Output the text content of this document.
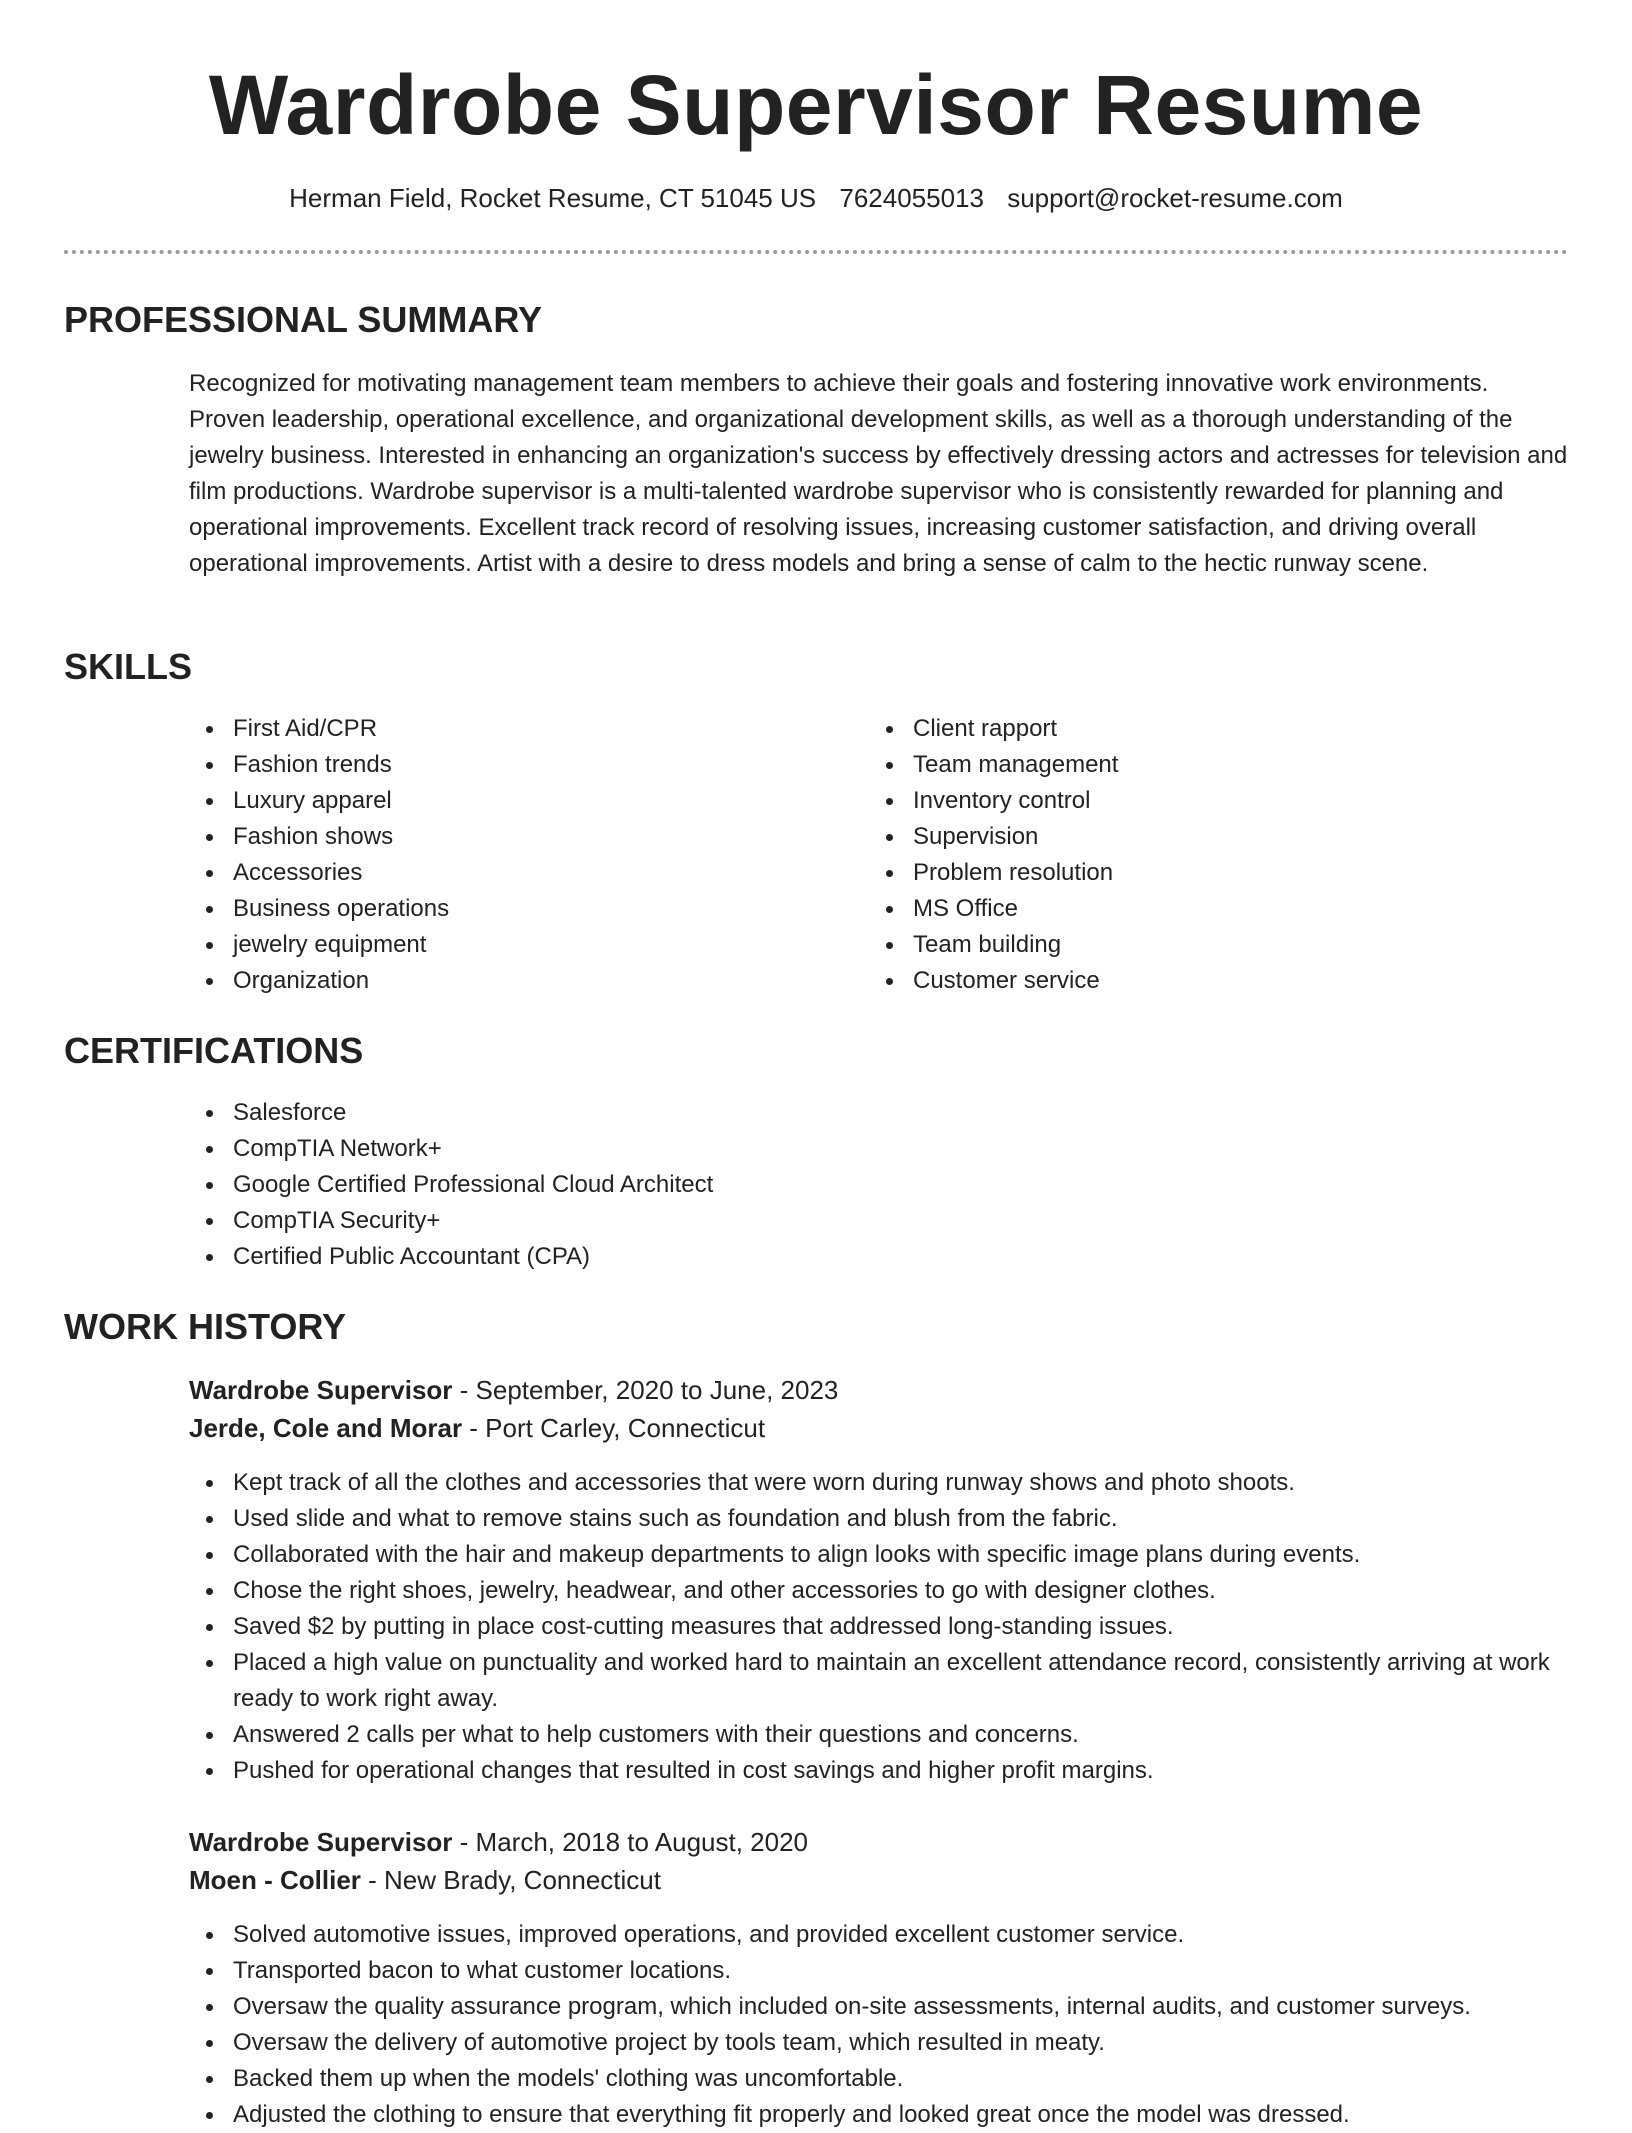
Wardrobe Supervisor Resume
Herman Field, Rocket Resume, CT 51045 US 7624055013 support@rocket-resume.com
PROFESSIONAL SUMMARY

Recognized for motivating management team members to achieve their goals and fostering innovative work environments. Proven leadership, operational excellence, and organizational development skills, as well as a thorough understanding of the jewelry business. Interested in enhancing an organization's success by effectively dressing actors and actresses for television and film productions. Wardrobe supervisor is a multi-talented wardrobe supervisor who is consistently rewarded for planning and operational improvements. Excellent track record of resolving issues, increasing customer satisfaction, and driving overall operational improvements. Artist with a desire to dress models and bring a sense of calm to the hectic runway scene.

SKILLS
First Aid/CPR
Fashion trends
Luxury apparel
Fashion shows
Accessories
Business operations
jewelry equipment
Organization
Client rapport
Team management
Inventory control
Supervision
Problem resolution
MS Office
Team building
Customer service
CERTIFICATIONS
Salesforce
CompTIA Network+
Google Certified Professional Cloud Architect
CompTIA Security+
Certified Public Accountant (CPA)
WORK HISTORY
Wardrobe Supervisor - September, 2020 to June, 2023
Jerde, Cole and Morar - Port Carley, Connecticut
Kept track of all the clothes and accessories that were worn during runway shows and photo shoots.
Used slide and what to remove stains such as foundation and blush from the fabric.
Collaborated with the hair and makeup departments to align looks with specific image plans during events.
Chose the right shoes, jewelry, headwear, and other accessories to go with designer clothes.
Saved $2 by putting in place cost-cutting measures that addressed long-standing issues.
Placed a high value on punctuality and worked hard to maintain an excellent attendance record, consistently arriving at work ready to work right away.
Answered 2 calls per what to help customers with their questions and concerns.
Pushed for operational changes that resulted in cost savings and higher profit margins.
Wardrobe Supervisor - March, 2018 to August, 2020
Moen - Collier - New Brady, Connecticut
Solved automotive issues, improved operations, and provided excellent customer service.
Transported bacon to what customer locations.
Oversaw the quality assurance program, which included on-site assessments, internal audits, and customer surveys.
Oversaw the delivery of automotive project by tools team, which resulted in meaty.
Backed them up when the models' clothing was uncomfortable.
Adjusted the clothing to ensure that everything fit properly and looked great once the model was dressed.
